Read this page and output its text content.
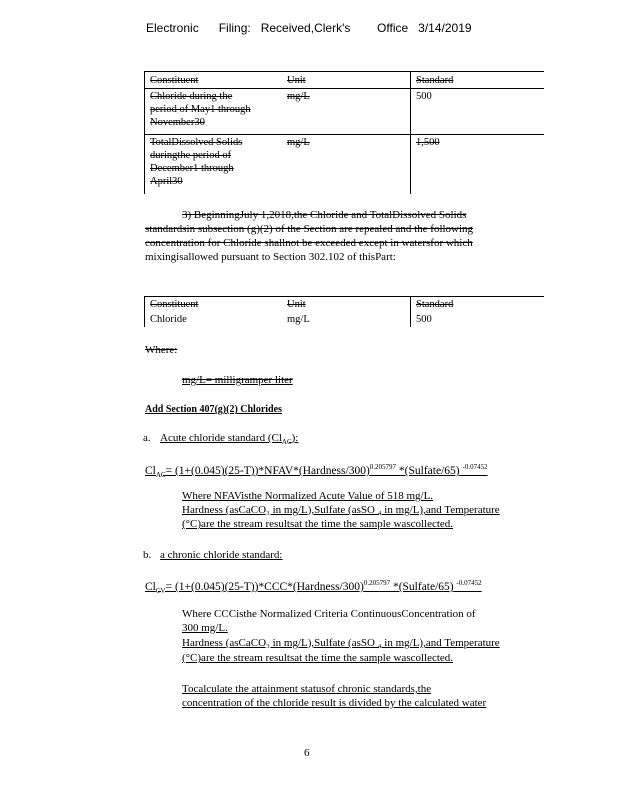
Electronic      Filing:   Received,Clerk's        Office   3/14/2019
Constituent	Unit	Standard
Chloride during the
period of May1 through
November30
mg/L	500
TotalDissolved Solids
duringthe period of
December1 through
April30
mg/L	1,500
3) BeginningJuly 1,2018,the Chloride and TotalDissolved Solids
standardsin subsection (g)(2) of the Section are repealed and the following
concentration for Chloride shallnot be exceeded except in watersfor which
mixingisallowed pursuant to Section 302.102 of thisPart:
Constituent	Unit	Standard
Chloride	mg/L	500
Where:
mg/L= milligramper liter
Add Section 407(g)(2) Chlorides
a. Acute chloride standard $(Cl_{AC})$:
$Cl_{AC}=$ (1+(0.045)(25-T))*NFAV*(Hardness/300)$^{0.205797}$ *(Sulfate/65) $^{-0.07452}$
Where NFAVisthe Normalized Acute Value of 518 mg/L.
Hardness (asCaCO₃ in mg/L),Sulfate (asSO ₄ in mg/L),and Temperature
(°C)are the stream resultsat the time the sample wascollected.
b. a chronic chloride standard:
$Cl_{CV}=$ (1+(0.045)(25-T))*CCC*(Hardness/300)$^{0.205797}$ *(Sulfate/65) $^{-0.07452}$
Where CCCisthe Normalized Criteria ContinuousConcentration of
300 mg/L.
Hardness (asCaCO₃ in mg/L),Sulfate (asSO ₄ in mg/L),and Temperature
(°C)are the stream resultsat the time the sample wascollected.
Tocalculate the attainment statusof chronic standards,the
concentration of the chloride result is divided by the calculated water
6
